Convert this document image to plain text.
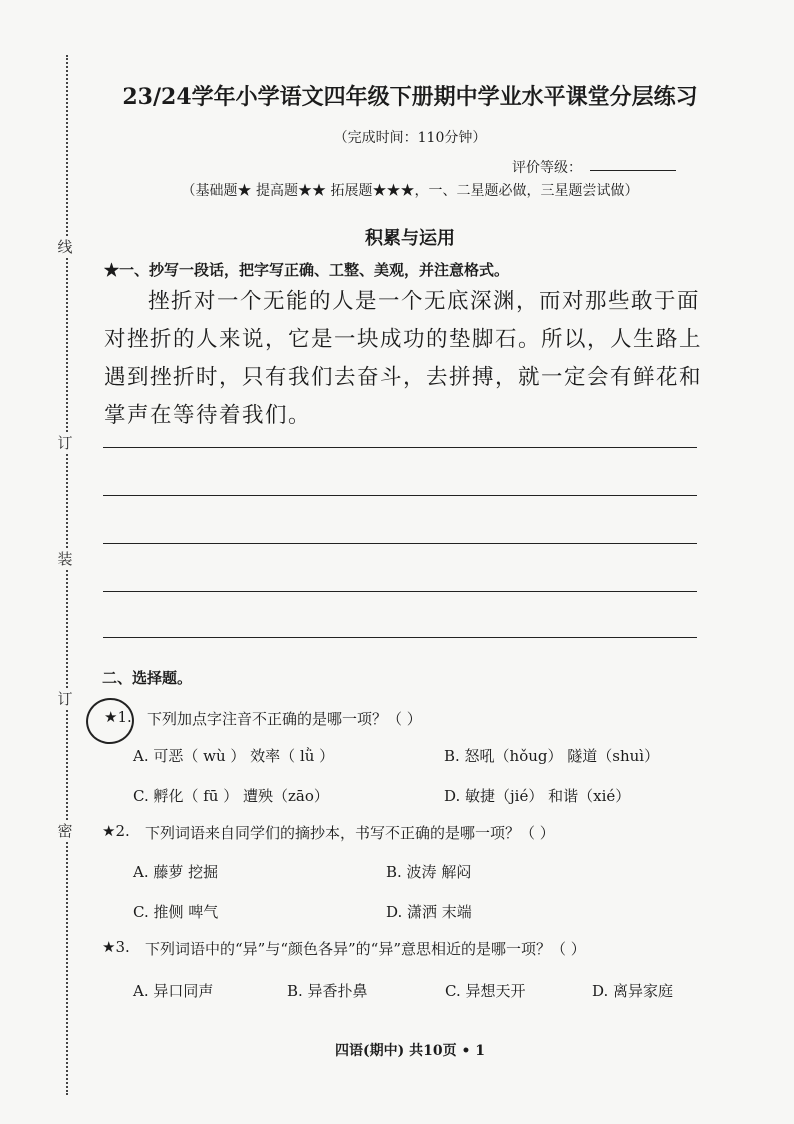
线
订
装
订
密
23/24学年小学语文四年级下册期中学业水平课堂分层练习
（完成时间：110分钟）
评价等级：
（基础题★ 提高题★★ 拓展题★★★，一、二星题必做，三星题尝试做）
积累与运用
★一、抄写一段话，把字写正确、工整、美观，并注意格式。

挫折对一个无能的人是一个无底深渊，而对那些敢于面

对挫折的人来说，它是一块成功的垫脚石。所以，人生路上

遇到挫折时，只有我们去奋斗，去拼搏，就一定会有鲜花和

掌声在等待着我们。

二、选择题。
★1. 下列加点字注音不正确的是哪一项？（ ）
A. 可恶（ wù ） 效率（ lǜ ）	B. 怒吼（hǒug） 隧道（shuì）
C. 孵化（ fū ） 遭殃（zāo）	D. 敏捷（jié） 和谐（xié）
★2. 下列词语来自同学们的摘抄本，书写不正确的是哪一项？（ ）
A. 藤萝 挖掘	B. 波涛 解闷
C. 推侧 啤气	D. 潇洒 末端
★3. 下列词语中的“异”与“颜色各异”的“异”意思相近的是哪一项？（ ）
A. 异口同声	B. 异香扑鼻	C. 异想天开	D. 离异家庭
四语(期中) 共10页 • 1
